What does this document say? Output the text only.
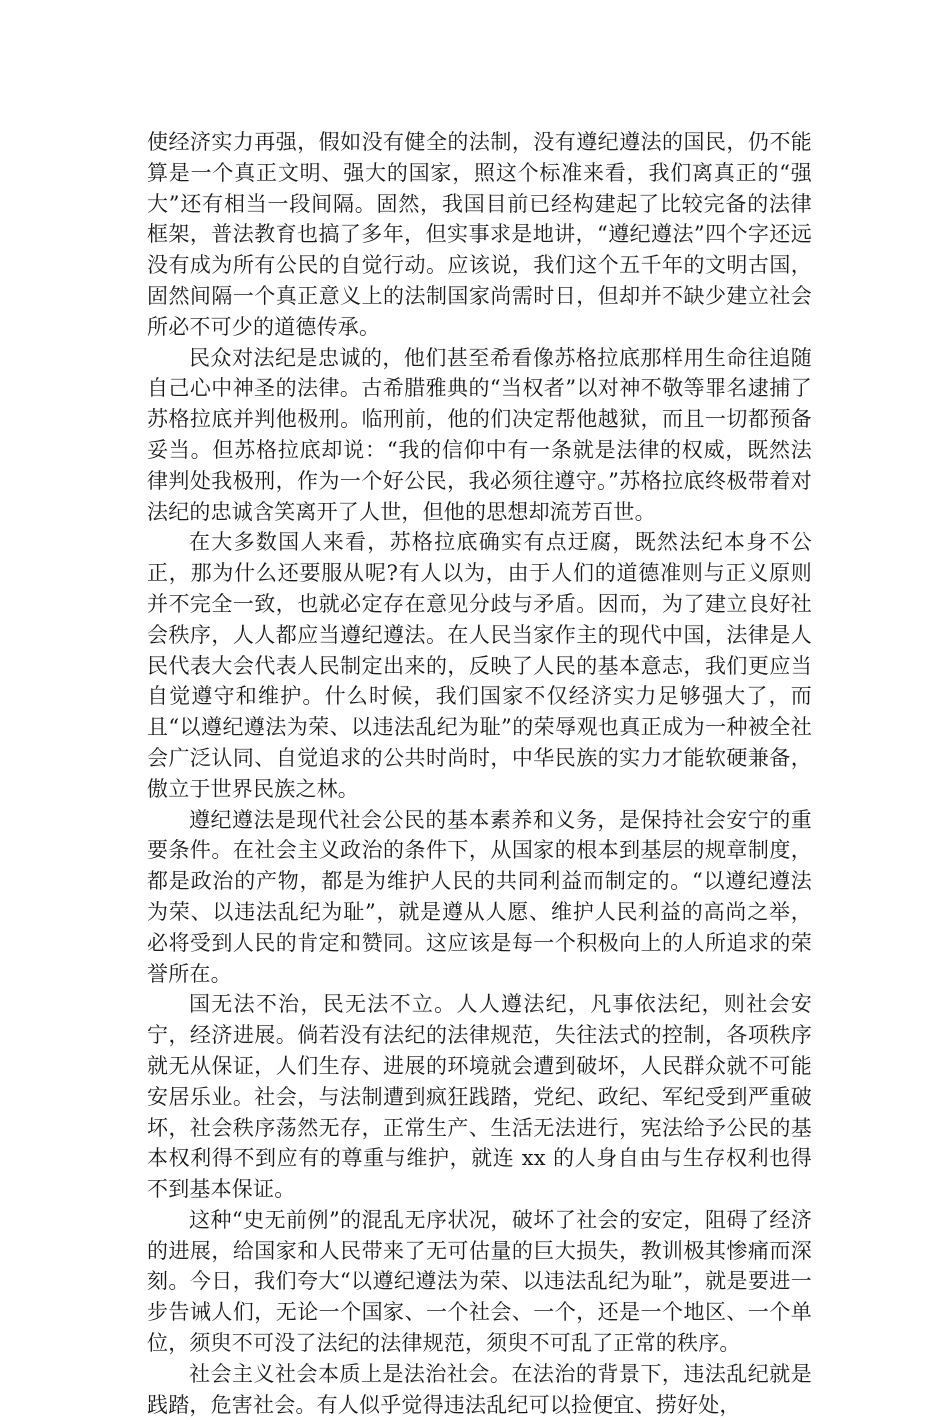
使经济实力再强，假如没有健全的法制，没有遵纪遵法的国民，仍不能算是一个真正文明、强大的国家，照这个标准来看，我们离真正的“强大”还有相当一段间隔。固然，我国目前已经构建起了比较完备的法律框架，普法教育也搞了多年，但实事求是地讲，“遵纪遵法”四个字还远没有成为所有公民的自觉行动。应该说，我们这个五千年的文明古国，固然间隔一个真正意义上的法制国家尚需时日，但却并不缺少建立社会所必不可少的道德传承。

民众对法纪是忠诚的，他们甚至希看像苏格拉底那样用生命往追随自己心中神圣的法律。古希腊雅典的“当权者”以对神不敬等罪名逮捕了苏格拉底并判他极刑。临刑前，他的们决定帮他越狱，而且一切都预备妥当。但苏格拉底却说：“我的信仰中有一条就是法律的权威，既然法律判处我极刑，作为一个好公民，我必须往遵守。”苏格拉底终极带着对法纪的忠诚含笑离开了人世，但他的思想却流芳百世。

在大多数国人来看，苏格拉底确实有点迂腐，既然法纪本身不公正，那为什么还要服从呢?有人以为，由于人们的道德准则与正义原则并不完全一致，也就必定存在意见分歧与矛盾。因而，为了建立良好社会秩序，人人都应当遵纪遵法。在人民当家作主的现代中国，法律是人民代表大会代表人民制定出来的，反映了人民的基本意志，我们更应当自觉遵守和维护。什么时候，我们国家不仅经济实力足够强大了，而且“以遵纪遵法为荣、以违法乱纪为耻”的荣辱观也真正成为一种被全社会广泛认同、自觉追求的公共时尚时，中华民族的实力才能软硬兼备，傲立于世界民族之林。

遵纪遵法是现代社会公民的基本素养和义务，是保持社会安宁的重要条件。在社会主义政治的条件下，从国家的根本到基层的规章制度，都是政治的产物，都是为维护人民的共同利益而制定的。“以遵纪遵法为荣、以违法乱纪为耻”，就是遵从人愿、维护人民利益的高尚之举，必将受到人民的肯定和赞同。这应该是每一个积极向上的人所追求的荣誉所在。

国无法不治，民无法不立。人人遵法纪，凡事依法纪，则社会安宁，经济进展。倘若没有法纪的法律规范，失往法式的控制，各项秩序就无从保证，人们生存、进展的环境就会遭到破坏，人民群众就不可能安居乐业。社会，与法制遭到疯狂践踏，党纪、政纪、军纪受到严重破坏，社会秩序荡然无存，正常生产、生活无法进行，宪法给予公民的基本权利得不到应有的尊重与维护，就连 xx 的人身自由与生存权利也得不到基本保证。

这种“史无前例”的混乱无序状况，破坏了社会的安定，阻碍了经济的进展，给国家和人民带来了无可估量的巨大损失，教训极其惨痛而深刻。今日，我们夸大“以遵纪遵法为荣、以违法乱纪为耻”，就是要进一步告诫人们，无论一个国家、一个社会、一个，还是一个地区、一个单位，须臾不可没了法纪的法律规范，须臾不可乱了正常的秩序。

社会主义社会本质上是法治社会。在法治的背景下，违法乱纪就是践踏，危害社会。有人似乎觉得违法乱纪可以捡便宜、捞好处，
